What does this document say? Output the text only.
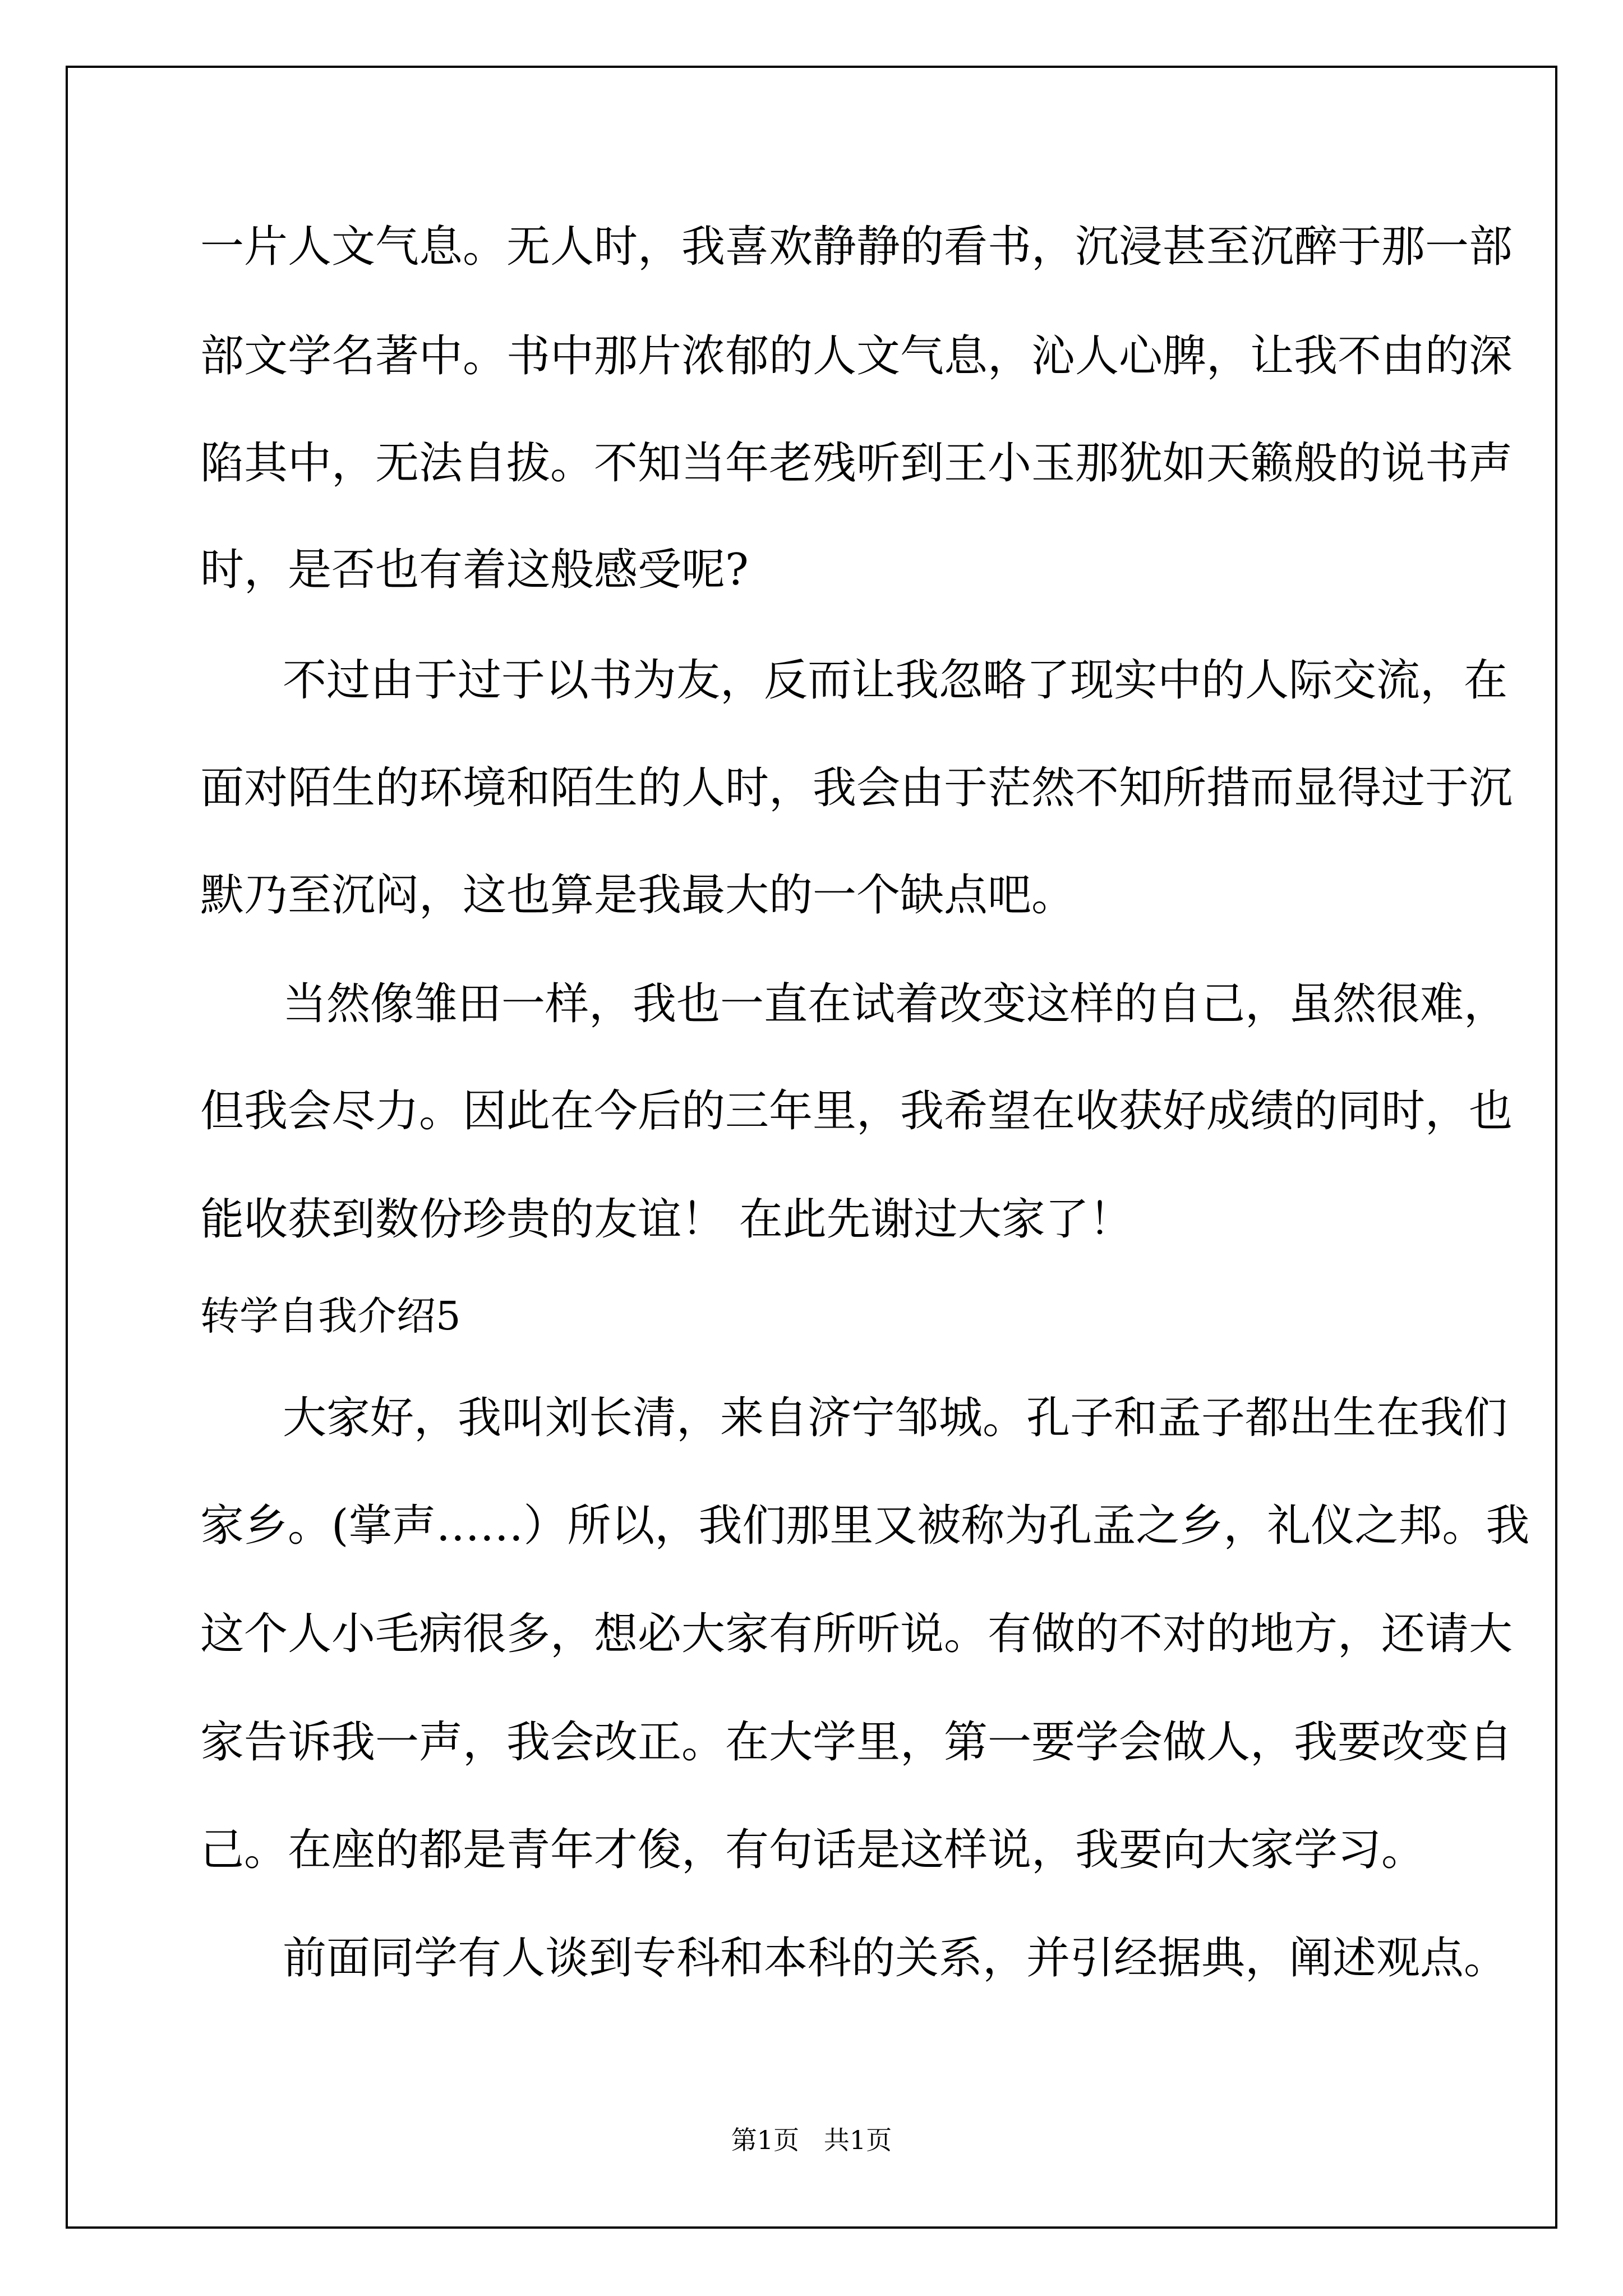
一片人文气息。无人时，我喜欢静静的看书，沉浸甚至沉醉于那一部
部文学名著中。书中那片浓郁的人文气息，沁人心脾，让我不由的深
陷其中，无法自拔。不知当年老残听到王小玉那犹如天籁般的说书声
时，是否也有着这般感受呢?
不过由于过于以书为友，反而让我忽略了现实中的人际交流，在
面对陌生的环境和陌生的人时，我会由于茫然不知所措而显得过于沉
默乃至沉闷，这也算是我最大的一个缺点吧。
当然像雏田一样，我也一直在试着改变这样的自己，虽然很难，
但我会尽力。因此在今后的三年里，我希望在收获好成绩的同时，也
能收获到数份珍贵的友谊！ 在此先谢过大家了！
转学自我介绍5
大家好，我叫刘长清，来自济宁邹城。孔子和孟子都出生在我们
家乡。(掌声……）所以，我们那里又被称为孔孟之乡，礼仪之邦。我
这个人小毛病很多，想必大家有所听说。有做的不对的地方，还请大
家告诉我一声，我会改正。在大学里，第一要学会做人，我要改变自
己。在座的都是青年才俊，有句话是这样说，我要向大家学习。
前面同学有人谈到专科和本科的关系，并引经据典，阐述观点。
第1页   共1页
